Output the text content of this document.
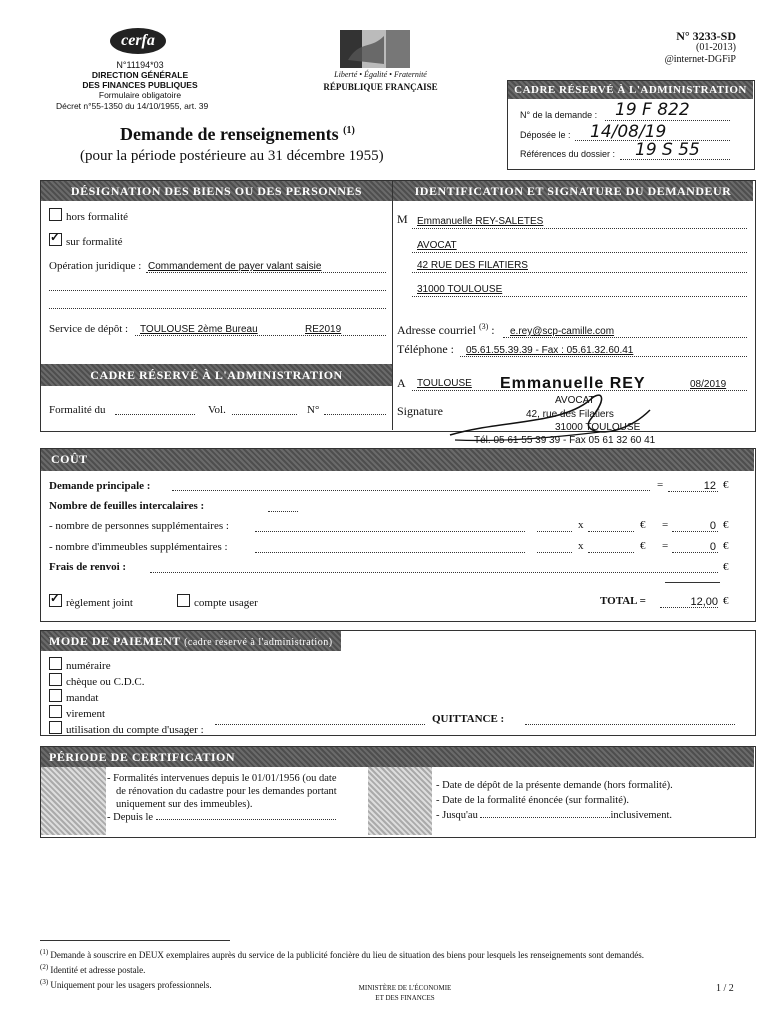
cerfa
N°11194*03
DIRECTION GÉNÉRALE
DES FINANCES PUBLIQUES
Formulaire obligatoire
Décret n°55-1350 du 14/10/1955, art. 39
Liberté • Égalité • Fraternité
RÉPUBLIQUE FRANÇAISE
N° 3233-SD
(01-2013)
@internet-DGFiP
CADRE RÉSERVÉ À L'ADMINISTRATION
N° de la demande : 19 F 822
Déposée le : 14/08/19
Références du dossier : 19 S 55
Demande de renseignements $^{(1)}$
(pour la période postérieure au 31 décembre 1955)
DÉSIGNATION DES BIENS OU DES PERSONNES	IDENTIFICATION ET SIGNATURE DU DEMANDEUR
hors formalité
✓sur formalité
Opération juridique : Commandement de payer valant saisie
Service de dépôt : TOULOUSE 2ème Bureau	RE2019
CADRE RÉSERVÉ À L'ADMINISTRATION
Formalité du	Vol.	N°
M Emmanuelle REY-SALETES
AVOCAT
42 RUE DES FILATIERS
31000 TOULOUSE
Adresse courriel $^{(3)}$ : e.rey@scp-camille.com
Téléphone : 05.61.55.39.39 - Fax : 05.61.32.60.41
A TOULOUSE	08/2019
Signature
Emmanuelle REY
AVOCAT
42, rue des Filatiers
31000 TOULOUSE
Tél. 05 61 55 39 39 - Fax 05 61 32 60 41
COÛT
Demande principale :	=	12 €
Nombre de feuilles intercalaires :
- nombre de personnes supplémentaires :	x	€ =	0 €
- nombre d'immeubles supplémentaires :	x	€ =	0 €
Frais de renvoi :	€
✓règlement joint	compte usager	TOTAL =	12,00 €
MODE DE PAIEMENT (cadre réservé à l'administration)
numéraire
chèque ou C.D.C.
mandat
virement
utilisation du compte d'usager :
QUITTANCE :
PÉRIODE DE CERTIFICATION
- Formalités intervenues depuis le 01/01/1956 (ou date
de rénovation du cadastre pour les demandes portant
uniquement sur des immeubles).
- Depuis le
- Date de dépôt de la présente demande (hors formalité).
- Date de la formalité énoncée (sur formalité).
- Jusqu'au	inclusivement.
$^{(1)}$ Demande à souscrire en DEUX exemplaires auprès du service de la publicité foncière du lieu de situation des biens pour lesquels les renseignements sont demandés.
$^{(2)}$ Identité et adresse postale.
$^{(3)}$ Uniquement pour les usagers professionnels.	MINISTÈRE DE L'ÉCONOMIE
ET DES FINANCES
1 / 2
